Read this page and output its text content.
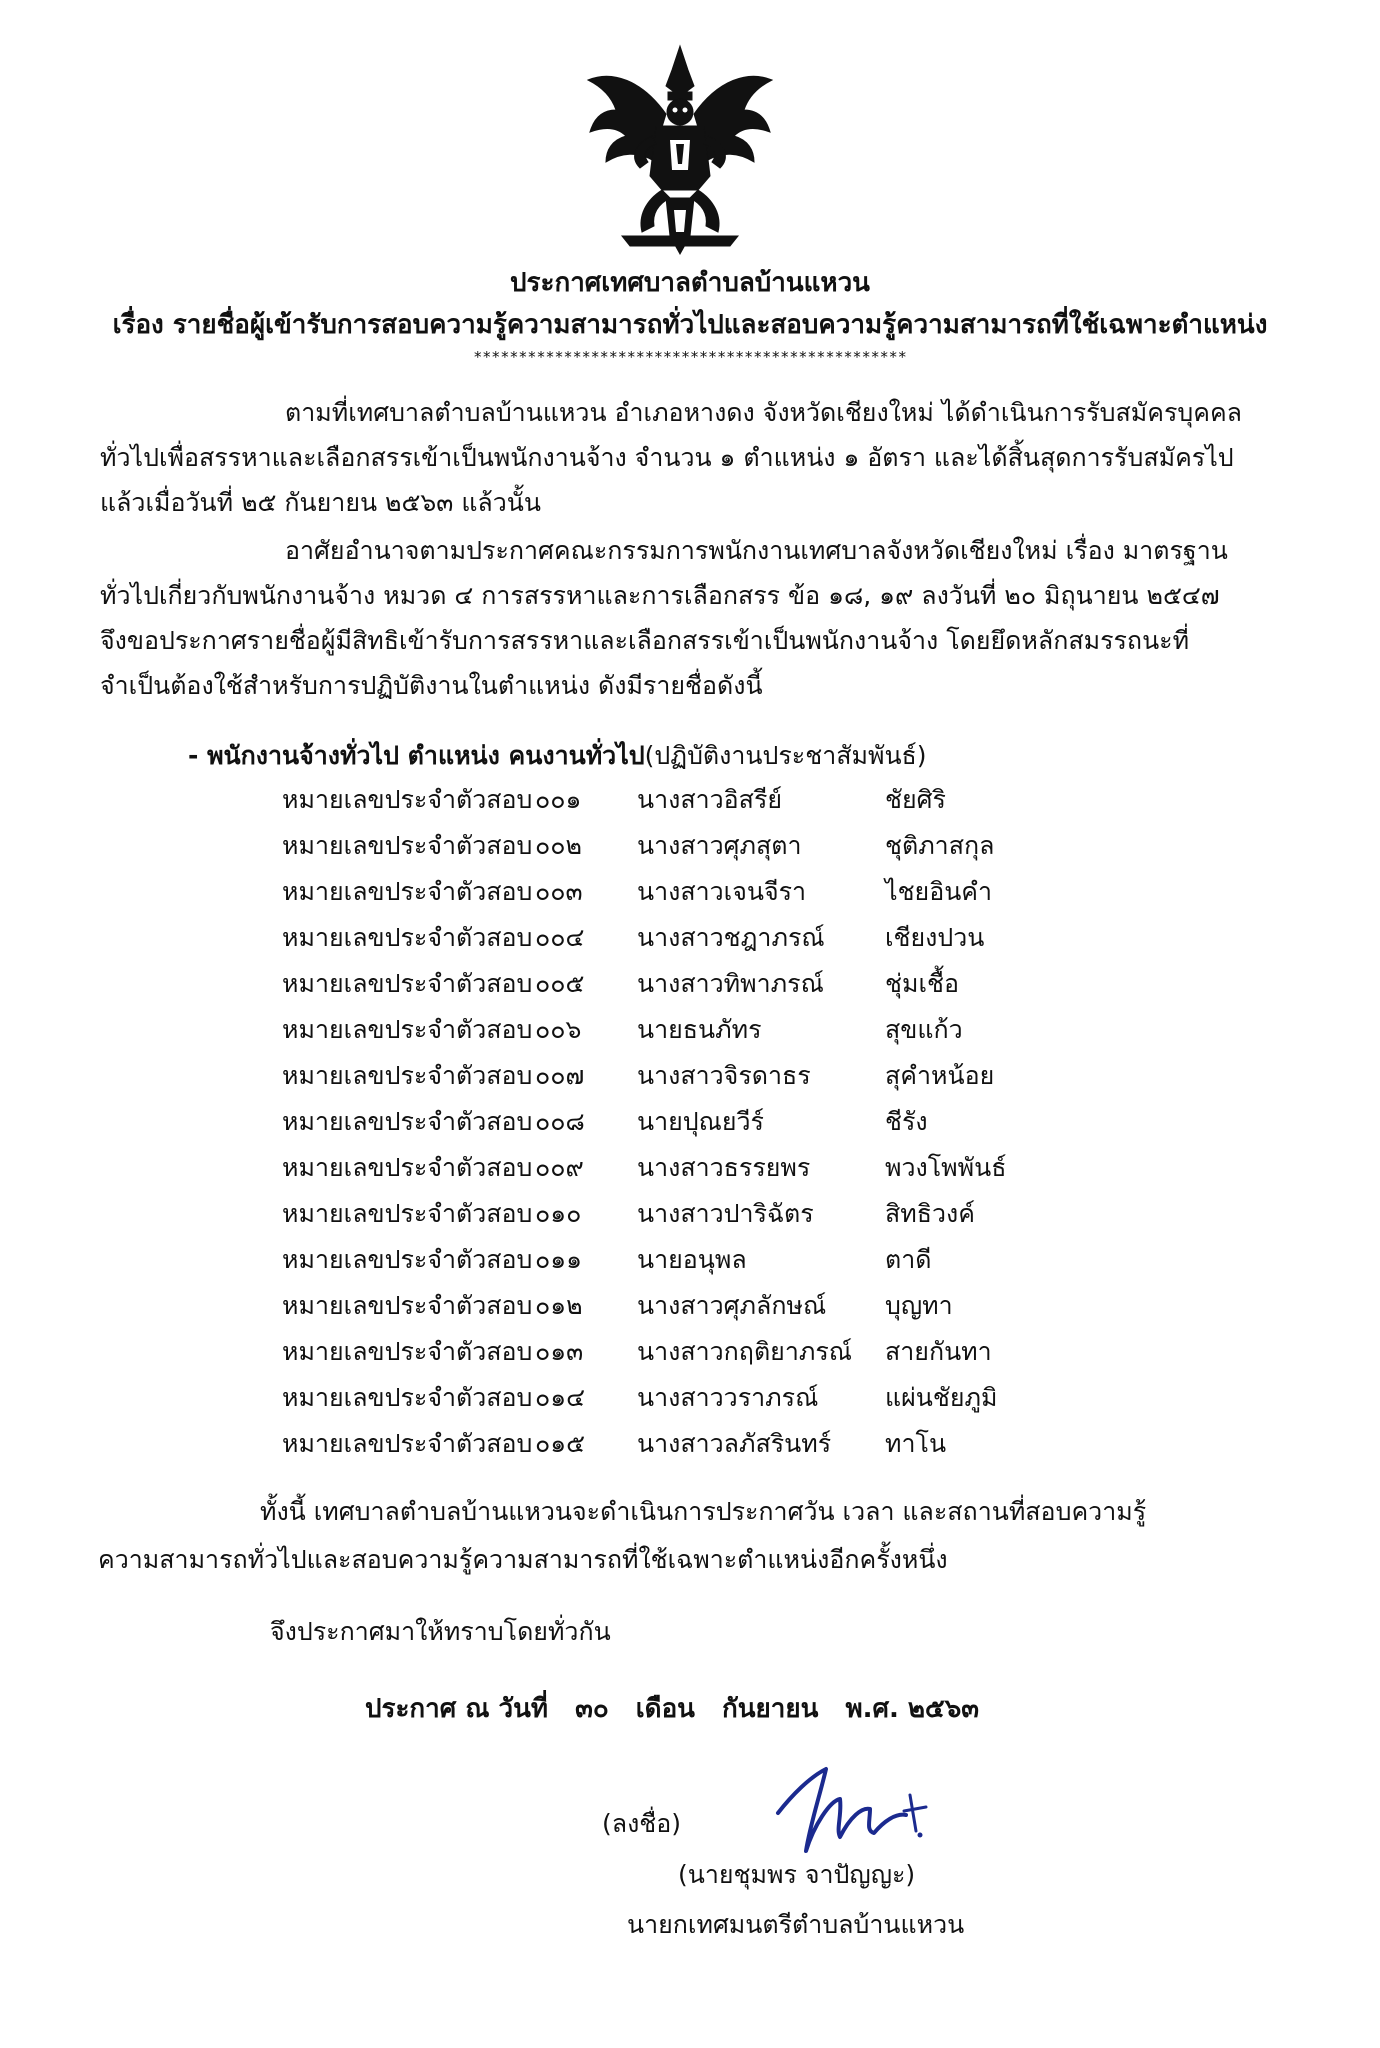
ประกาศเทศบาลตำบลบ้านแหวน
เรื่อง รายชื่อผู้เข้ารับการสอบความรู้ความสามารถทั่วไปและสอบความรู้ความสามารถที่ใช้เฉพาะตำแหน่ง
************************************************
ตามที่เทศบาลตำบลบ้านแหวน อำเภอหางดง จังหวัดเชียงใหม่ ได้ดำเนินการรับสมัครบุคคล
ทั่วไปเพื่อสรรหาและเลือกสรรเข้าเป็นพนักงานจ้าง จำนวน ๑ ตำแหน่ง ๑ อัตรา และได้สิ้นสุดการรับสมัครไป
แล้วเมื่อวันที่ ๒๕ กันยายน ๒๕๖๓ แล้วนั้น
อาศัยอำนาจตามประกาศคณะกรรมการพนักงานเทศบาลจังหวัดเชียงใหม่ เรื่อง มาตรฐาน
ทั่วไปเกี่ยวกับพนักงานจ้าง หมวด ๔ การสรรหาและการเลือกสรร ข้อ ๑๘, ๑๙ ลงวันที่ ๒๐ มิถุนายน ๒๕๔๗
จึงขอประกาศรายชื่อผู้มีสิทธิเข้ารับการสรรหาและเลือกสรรเข้าเป็นพนักงานจ้าง โดยยึดหลักสมรรถนะที่
จำเป็นต้องใช้สำหรับการปฏิบัติงานในตำแหน่ง ดังมีรายชื่อดังนี้
- พนักงานจ้างทั่วไป ตำแหน่ง คนงานทั่วไป(ปฏิบัติงานประชาสัมพันธ์)
หมายเลขประจำตัวสอบ ๐๐๑ นางสาวอิสรีย์	ชัยศิริ
หมายเลขประจำตัวสอบ ๐๐๒ นางสาวศุภสุตา	ชุติภาสกุล
หมายเลขประจำตัวสอบ ๐๐๓ นางสาวเจนจีรา	ไชยอินคำ
หมายเลขประจำตัวสอบ ๐๐๔ นางสาวชฎาภรณ์ เชียงปวน
หมายเลขประจำตัวสอบ ๐๐๕ นางสาวทิพาภรณ์ ชุ่มเชื้อ
หมายเลขประจำตัวสอบ ๐๐๖ นายธนภัทร	สุขแก้ว
หมายเลขประจำตัวสอบ ๐๐๗ นางสาวจิรดาธร	สุคำหน้อย
หมายเลขประจำตัวสอบ ๐๐๘ นายปุณยวีร์	ชีรัง
หมายเลขประจำตัวสอบ ๐๐๙ นางสาวธรรยพร	พวงโพพันธ์
หมายเลขประจำตัวสอบ ๐๑๐ นางสาวปาริฉัตร	สิทธิวงค์
หมายเลขประจำตัวสอบ ๐๑๑ นายอนุพล	ตาดี
หมายเลขประจำตัวสอบ ๐๑๒ นางสาวศุภลักษณ์ บุญทา
หมายเลขประจำตัวสอบ ๐๑๓ นางสาวกฤติยาภรณ์ สายกันทา
หมายเลขประจำตัวสอบ ๐๑๔ นางสาววราภรณ์	แผ่นชัยภูมิ
หมายเลขประจำตัวสอบ ๐๑๕ นางสาวลภัสรินทร์ ทาโน
ทั้งนี้ เทศบาลตำบลบ้านแหวนจะดำเนินการประกาศวัน เวลา และสถานที่สอบความรู้
ความสามารถทั่วไปและสอบความรู้ความสามารถที่ใช้เฉพาะตำแหน่งอีกครั้งหนึ่ง
จึงประกาศมาให้ทราบโดยทั่วกัน
ประกาศ ณ วันที่ ๓๐ เดือน กันยายน พ.ศ. ๒๕๖๓
(ลงชื่อ)
(นายชุมพร จาปัญญะ)
นายกเทศมนตรีตำบลบ้านแหวน
